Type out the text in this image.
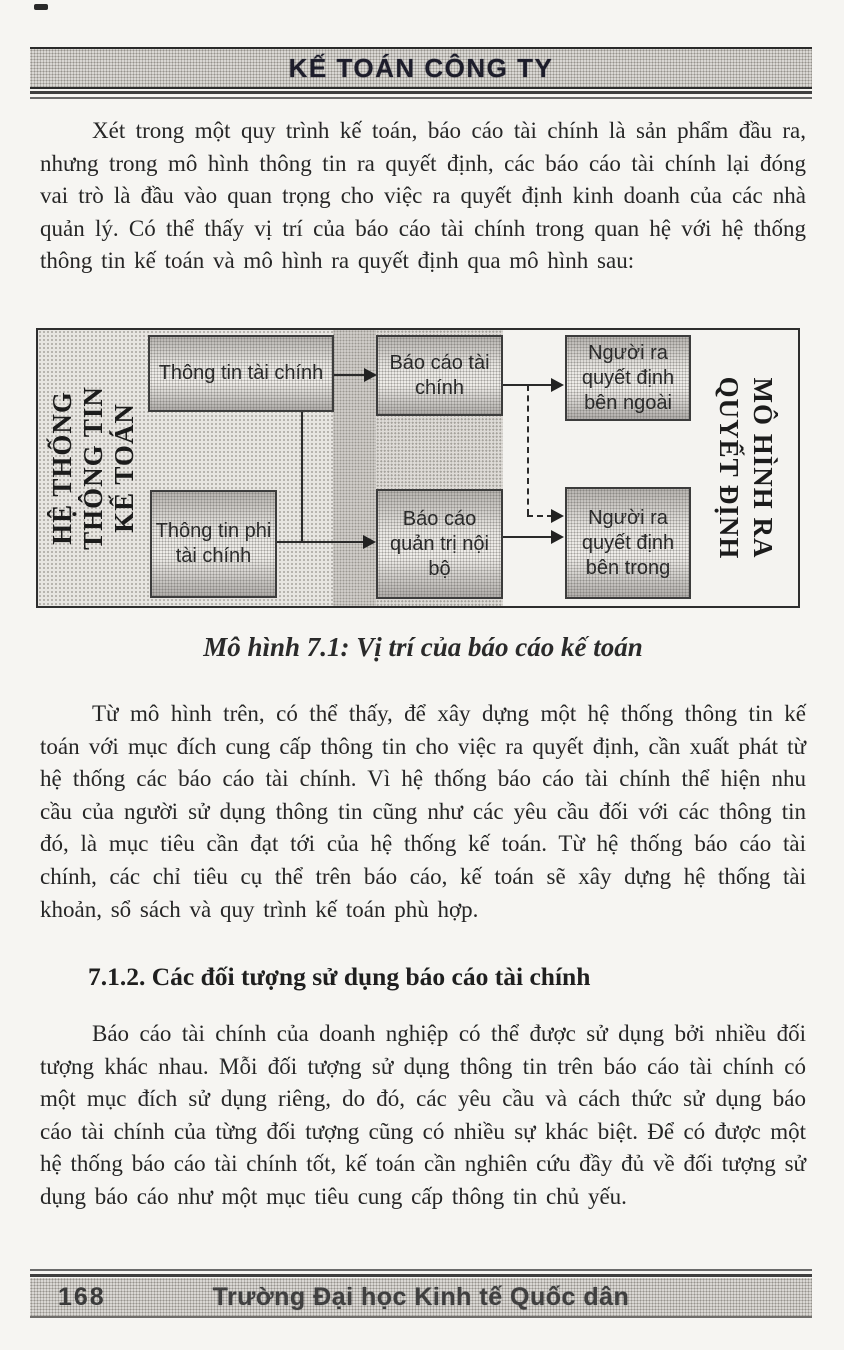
KẾ TOÁN CÔNG TY

Xét trong một quy trình kế toán, báo cáo tài chính là sản phẩm đầu ra, nhưng trong mô hình thông tin ra quyết định, các báo cáo tài chính lại đóng vai trò là đầu vào quan trọng cho việc ra quyết định kinh doanh của các nhà quản lý. Có thể thấy vị trí của báo cáo tài chính trong quan hệ với hệ thống thông tin kế toán và mô hình ra quyết định qua mô hình sau:

HỆ THỐNG THÔNG TIN KẾ TOÁN	MÔ HÌNH RA QUYẾT ĐỊNH
Thông tin tài chính
Thông tin phi tài chính
Báo cáo tài chính
Báo cáo quản trị nội bộ
Người ra quyết định bên ngoài
Người ra quyết định bên trong

Mô hình 7.1: Vị trí của báo cáo kế toán

Từ mô hình trên, có thể thấy, để xây dựng một hệ thống thông tin kế toán với mục đích cung cấp thông tin cho việc ra quyết định, cần xuất phát từ hệ thống các báo cáo tài chính. Vì hệ thống báo cáo tài chính thể hiện nhu cầu của người sử dụng thông tin cũng như các yêu cầu đối với các thông tin đó, là mục tiêu cần đạt tới của hệ thống kế toán. Từ hệ thống báo cáo tài chính, các chỉ tiêu cụ thể trên báo cáo, kế toán sẽ xây dựng hệ thống tài khoản, sổ sách và quy trình kế toán phù hợp.

7.1.2. Các đối tượng sử dụng báo cáo tài chính

Báo cáo tài chính của doanh nghiệp có thể được sử dụng bởi nhiều đối tượng khác nhau. Mỗi đối tượng sử dụng thông tin trên báo cáo tài chính có một mục đích sử dụng riêng, do đó, các yêu cầu và cách thức sử dụng báo cáo tài chính của từng đối tượng cũng có nhiều sự khác biệt. Để có được một hệ thống báo cáo tài chính tốt, kế toán cần nghiên cứu đầy đủ về đối tượng sử dụng báo cáo như một mục tiêu cung cấp thông tin chủ yếu.

168	Trường Đại học Kinh tế Quốc dân
